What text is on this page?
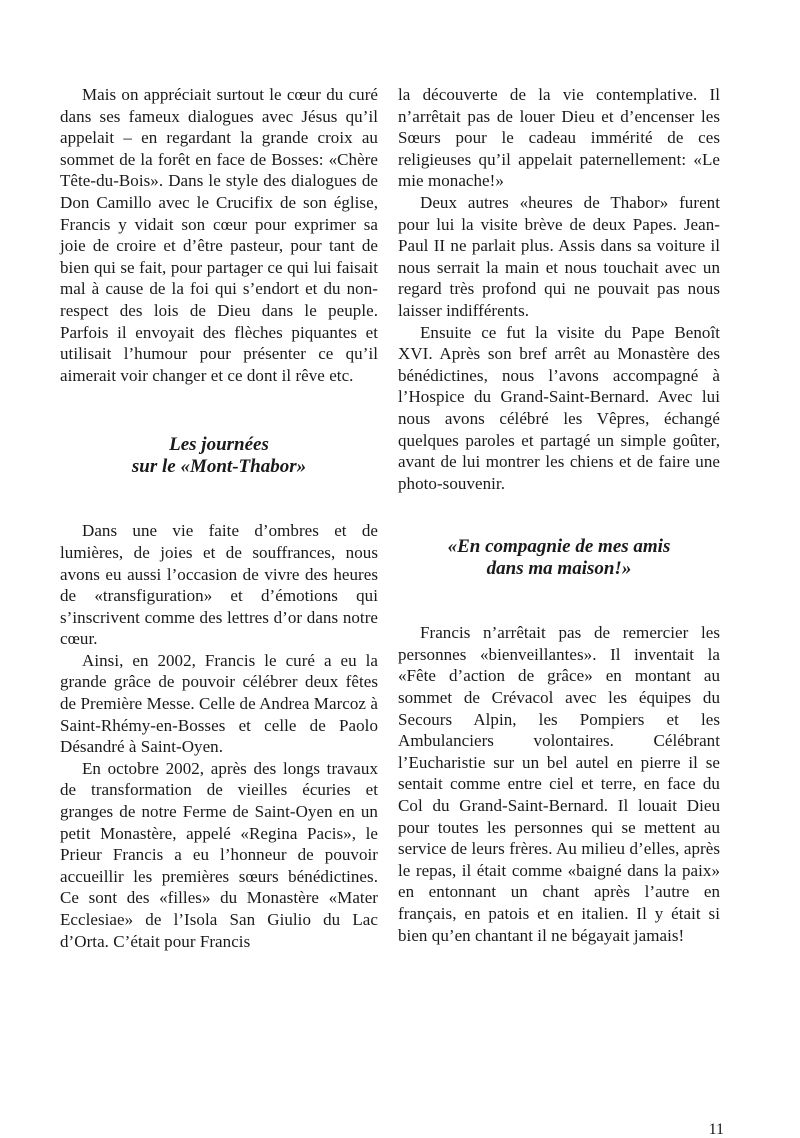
Mais on appréciait surtout le cœur du curé dans ses fameux dialogues avec Jésus qu’il appelait – en regardant la grande croix au sommet de la forêt en face de Bosses: «Chère Tête-du-Bois». Dans le style des dialogues de Don Camillo avec le Crucifix de son église, Francis y vidait son cœur pour exprimer sa joie de croire et d’être pasteur, pour tant de bien qui se fait, pour partager ce qui lui faisait mal à cause de la foi qui s’endort et du non-respect des lois de Dieu dans le peuple. Parfois il envoyait des flèches piquantes et utilisait l’humour pour présenter ce qu’il aimerait voir changer et ce dont il rêve etc.

Les journées
sur le «Mont-Thabor»

Dans une vie faite d’ombres et de lumières, de joies et de souffrances, nous avons eu aussi l’occasion de vivre des heures de «transfiguration» et d’émotions qui s’inscrivent comme des lettres d’or dans notre cœur.

Ainsi, en 2002, Francis le curé a eu la grande grâce de pouvoir célébrer deux fêtes de Première Messe. Celle de Andrea Marcoz à Saint-Rhémy-en-Bosses et celle de Paolo Désandré à Saint-Oyen.

En octobre 2002, après des longs travaux de transformation de vieilles écuries et granges de notre Ferme de Saint-Oyen en un petit Monastère, appelé «Regina Pacis», le Prieur Francis a eu l’honneur de pouvoir accueillir les premières sœurs bénédictines. Ce sont des «filles» du Monastère «Mater Ecclesiae» de l’Isola San Giulio du Lac d’Orta. C’était pour Francis

la découverte de la vie contemplative. Il n’arrêtait pas de louer Dieu et d’encenser les Sœurs pour le cadeau immérité de ces religieuses qu’il appelait paternellement: «Le mie monache!»

Deux autres «heures de Thabor» furent pour lui la visite brève de deux Papes. Jean-Paul II ne parlait plus. Assis dans sa voiture il nous serrait la main et nous touchait avec un regard très profond qui ne pouvait pas nous laisser indifférents.

Ensuite ce fut la visite du Pape Benoît XVI. Après son bref arrêt au Monastère des bénédictines, nous l’avons accompagné à l’Hospice du Grand-Saint-Bernard. Avec lui nous avons célébré les Vêpres, échangé quelques paroles et partagé un simple goûter, avant de lui montrer les chiens et de faire une photo-souvenir.

«En compagnie de mes amis
dans ma maison!»

Francis n’arrêtait pas de remercier les personnes «bienveillantes». Il inventait la «Fête d’action de grâce» en montant au sommet de Crévacol avec les équipes du Secours Alpin, les Pompiers et les Ambulanciers volontaires. Célébrant l’Eucharistie sur un bel autel en pierre il se sentait comme entre ciel et terre, en face du Col du Grand-Saint-Bernard. Il louait Dieu pour toutes les personnes qui se mettent au service de leurs frères. Au milieu d’elles, après le repas, il était comme «baigné dans la paix» en entonnant un chant après l’autre en français, en patois et en italien. Il y était si bien qu’en chantant il ne bégayait jamais!

11
